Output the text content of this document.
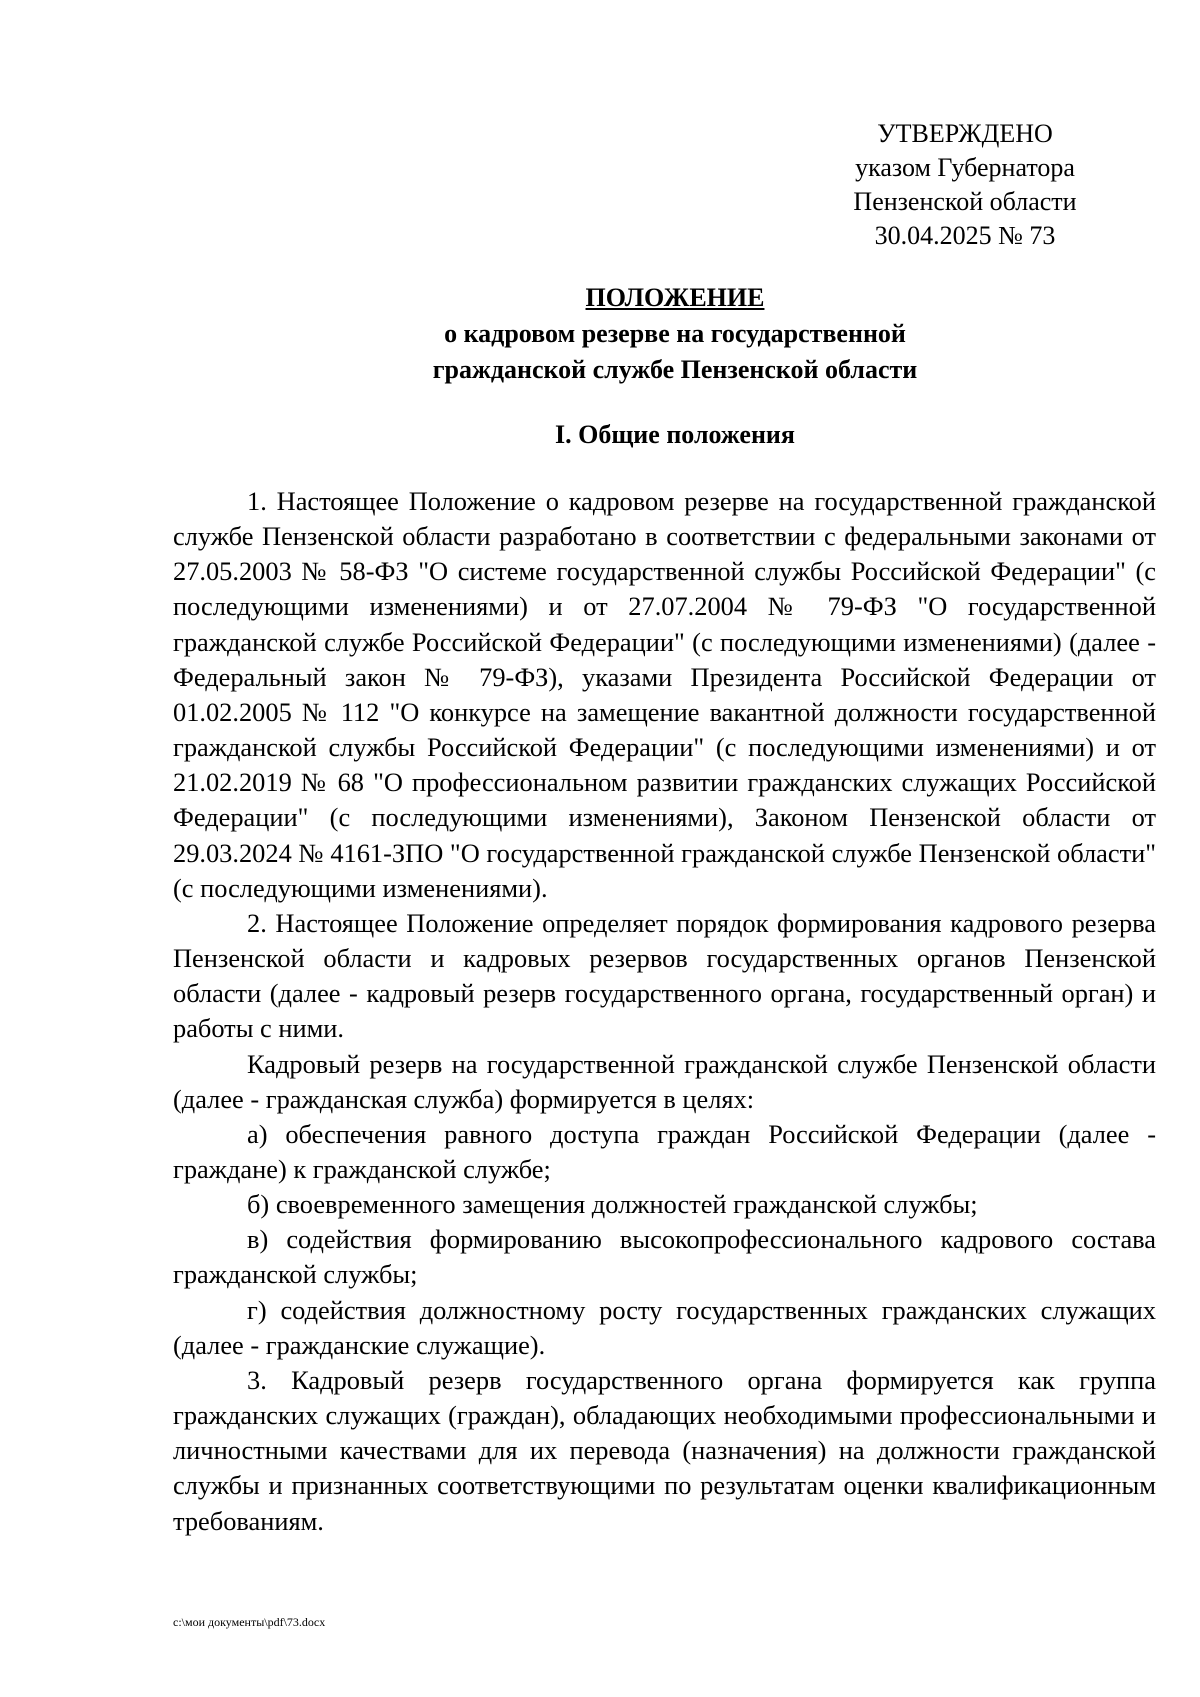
УТВЕРЖДЕНО
указом Губернатора
Пензенской области
30.04.2025 № 73
ПОЛОЖЕНИЕ
о кадровом резерве на государственной
гражданской службе Пензенской области
I. Общие положения

1. Настоящее Положение о кадровом резерве на государственной гражданской службе Пензенской области разработано в соответствии с федеральными законами от 27.05.2003 № 58-ФЗ "О системе государственной службы Российской Федерации" (с последующими изменениями) и от 27.07.2004 № 79-ФЗ "О государственной гражданской службе Российской Федерации" (с последующими изменениями) (далее - Федеральный закон № 79-ФЗ), указами Президента Российской Федерации от 01.02.2005 № 112 "О конкурсе на замещение вакантной должности государственной гражданской службы Российской Федерации" (с последующими изменениями) и от 21.02.2019 № 68 "О профессиональном развитии гражданских служащих Российской Федерации" (с последующими изменениями), Законом Пензенской области от 29.03.2024 № 4161-ЗПО "О государственной гражданской службе Пензенской области" (с последующими изменениями).

2. Настоящее Положение определяет порядок формирования кадрового резерва Пензенской области и кадровых резервов государственных органов Пензенской области (далее - кадровый резерв государственного органа, государственный орган) и работы с ними.

Кадровый резерв на государственной гражданской службе Пензенской области (далее - гражданская служба) формируется в целях:

а) обеспечения равного доступа граждан Российской Федерации (далее - граждане) к гражданской службе;

б) своевременного замещения должностей гражданской службы;

в) содействия формированию высокопрофессионального кадрового состава гражданской службы;

г) содействия должностному росту государственных гражданских служащих (далее - гражданские служащие).

3. Кадровый резерв государственного органа формируется как группа гражданских служащих (граждан), обладающих необходимыми профессиональными и личностными качествами для их перевода (назначения) на должности гражданской службы и признанных соответствующими по результатам оценки квалификационным требованиям.

c:\мои документы\pdf\73.docx
